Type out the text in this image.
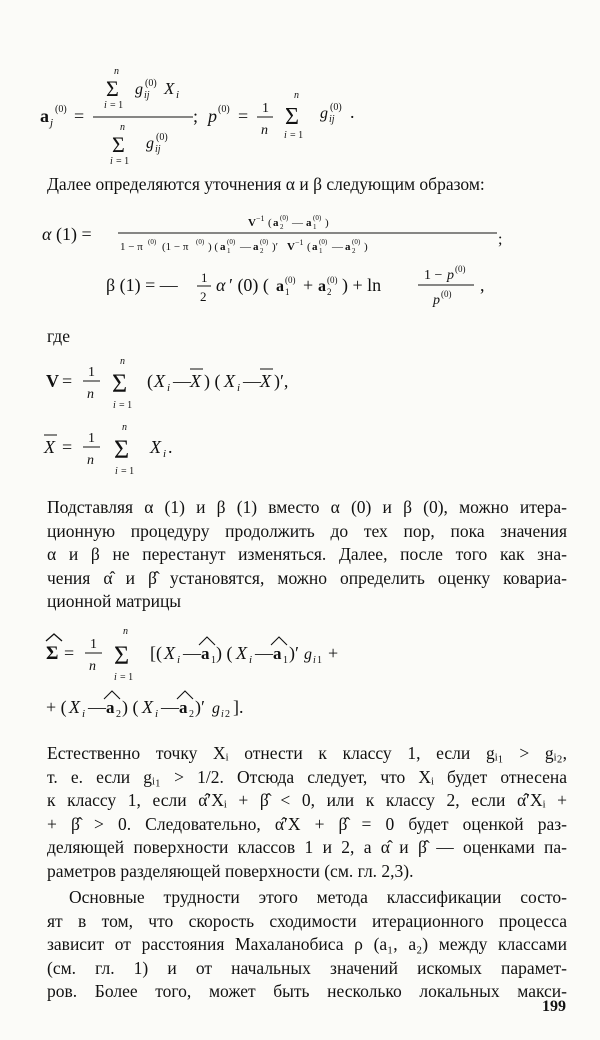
a j
(0) =
n
Σ
i = 1
g ij
(0) X i
n
Σ
i = 1
g ij
(0)
; p (0) = 1
n
n
Σ
i = 1
g ij
(0) .

Далее определяются уточнения α и β следующим образом:

α (1) =
V −1 ( a 2
(0) — a 1
(0) )
1 − π (0) (1 − π (0) ) ( a 1
(0) — a 2
(0) )′ V −1 ( a 1
(0) — a 2
(0) )	;
β (1) = — 1
2
α ′ (0) ( a 1
(0) + a 2
(0) ) + ln	1 − p (0)
p (0) ,

где

V = 1
n
n
Σ
i = 1
( X i — X ) ( X i — X )′,
X = 1
n
n
Σ
i = 1
X i .
Подставляя α (1) и β (1) вместо α (0) и β (0), можно итера-
ционную процедуру продолжить до тех пор, пока значения
α и β не перестанут изменяться. Далее, после того как зна-
чения α̂ и β̂ установятся, можно определить оценку ковариа-
ционной матрицы
Σ = 1
n
n
Σ
i = 1
[( X i — a 1 ) ( X i — a 1 )′ g i 1 +
+ ( X i — a 2 ) ( X i — a 2 )′ g i 2 ].
Естественно точку Xᵢ отнести к классу 1, если gᵢ₁ > gᵢ₂,
т. е. если gᵢ₁ > 1/2. Отсюда следует, что Xᵢ будет отнесена
к классу 1, если α̂′Xᵢ + β̂ < 0, или к классу 2, если α̂′Xᵢ +
+ β̂ > 0. Следовательно, α̂′X + β̂ = 0 будет оценкой раз-
деляющей поверхности классов 1 и 2, а α̂ и β̂ — оценками па-
раметров разделяющей поверхности (см. гл. 2,3).
Основные трудности этого метода классификации состо-
ят в том, что скорость сходимости итерационного процесса
зависит от расстояния Махаланобиса ρ (a₁, a₂) между классами
(см. гл. 1) и от начальных значений искомых парамет-
ров. Более того, может быть несколько локальных макси-
199
